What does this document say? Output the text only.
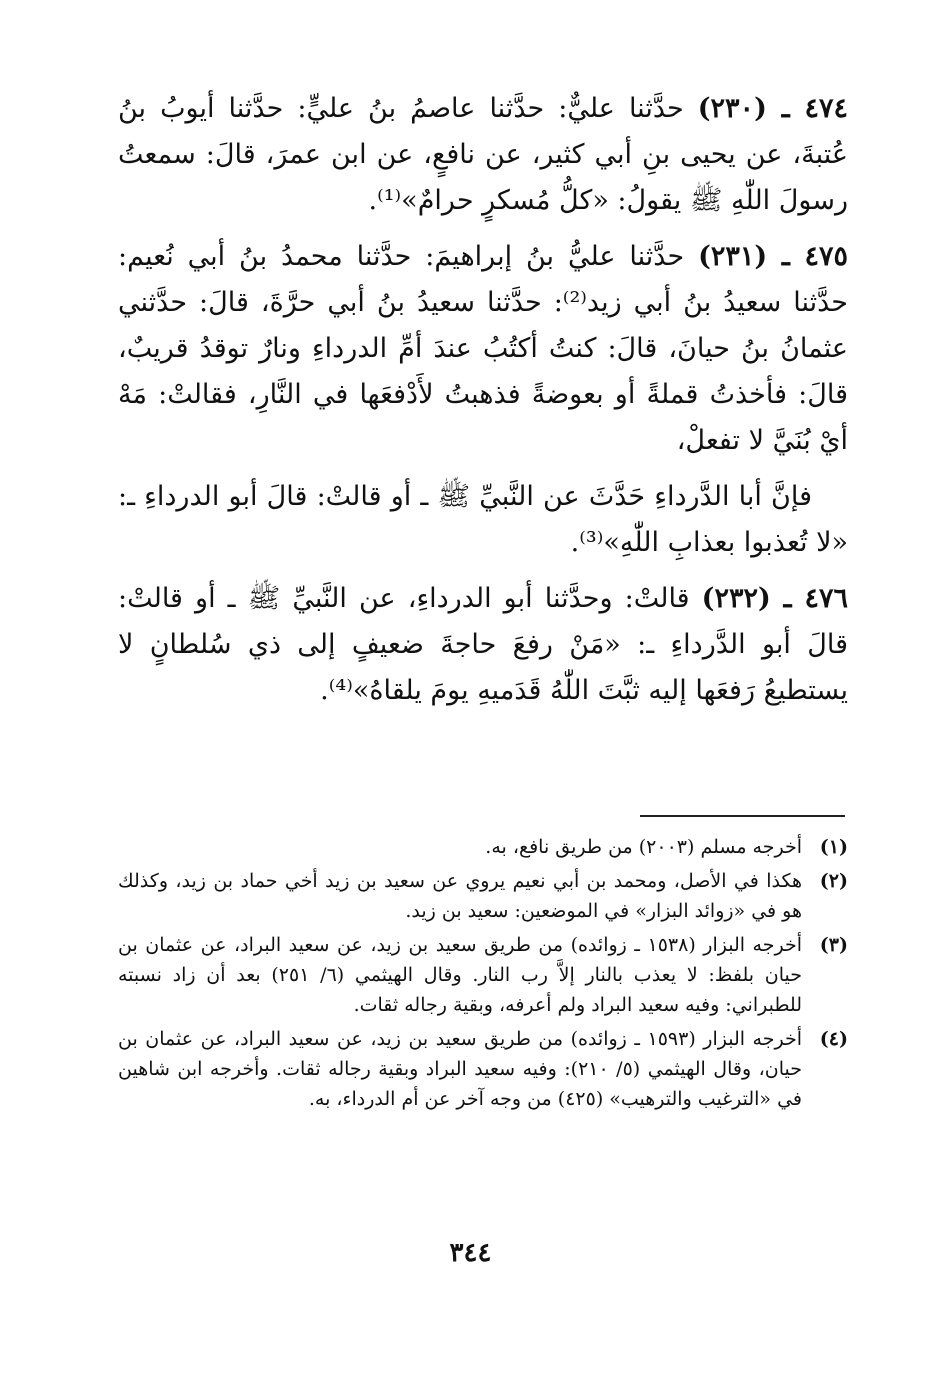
٤٧٤ ـ (٢٣٠) حدَّثنا عليٌّ: حدَّثنا عاصمُ بنُ عليٍّ: حدَّثنا أيوبُ بنُ عُتبةَ، عن يحيى بنِ أبي كثير، عن نافعٍ، عن ابن عمرَ، قالَ: سمعتُ رسولَ اللّٰهِ ﷺ يقولُ: «كلُّ مُسكرٍ حرامٌ»⁽¹⁾.

٤٧٥ ـ (٢٣١) حدَّثنا عليُّ بنُ إبراهيمَ: حدَّثنا محمدُ بنُ أبي نُعيم: حدَّثنا سعيدُ بنُ أبي زيد⁽²⁾: حدَّثنا سعيدُ بنُ أبي حرَّةَ، قالَ: حدَّثني عثمانُ بنُ حيانَ، قالَ: كنتُ أكتُبُ عندَ أمِّ الدرداءِ ونارٌ توقدُ قريبٌ، قالَ: فأخذتُ قملةً أو بعوضةً فذهبتُ لأَدْفعَها في النَّارِ، فقالتْ: مَهْ أيْ بُنَيَّ لا تفعلْ،

فإنَّ أبا الدَّرداءِ حَدَّثَ عن النَّبيِّ ﷺ ـ أو قالتْ: قالَ أبو الدرداءِ ـ: «لا تُعذبوا بعذابِ اللّٰهِ»⁽³⁾.

٤٧٦ ـ (٢٣٢) قالتْ: وحدَّثنا أبو الدرداءِ، عن النَّبيِّ ﷺ ـ أو قالتْ: قالَ أبو الدَّرداءِ ـ: «مَنْ رفعَ حاجةَ ضعيفٍ إلى ذي سُلطانٍ لا يستطيعُ رَفعَها إليه ثبَّتَ اللّٰهُ قَدَميهِ يومَ يلقاهُ»⁽⁴⁾.

(١)
أخرجه مسلم (٢٠٠٣) من طريق نافع، به.
(٢)
هكذا في الأصل، ومحمد بن أبي نعيم يروي عن سعيد بن زيد أخي حماد بن زيد، وكذلك هو في «زوائد البزار» في الموضعين: سعيد بن زيد.
(٣)
أخرجه البزار (١٥٣٨ ـ زوائده) من طريق سعيد بن زيد، عن سعيد البراد، عن عثمان بن حيان بلفظ: لا يعذب بالنار إلاَّ رب النار. وقال الهيثمي (٦/ ٢٥١) بعد أن زاد نسبته للطبراني: وفيه سعيد البراد ولم أعرفه، وبقية رجاله ثقات.
(٤)
أخرجه البزار (١٥٩٣ ـ زوائده) من طريق سعيد بن زيد، عن سعيد البراد، عن عثمان بن حيان، وقال الهيثمي (٥/ ٢١٠): وفيه سعيد البراد وبقية رجاله ثقات. وأخرجه ابن شاهين في «الترغيب والترهيب» (٤٢٥) من وجه آخر عن أم الدرداء، به.
٣٤٤
